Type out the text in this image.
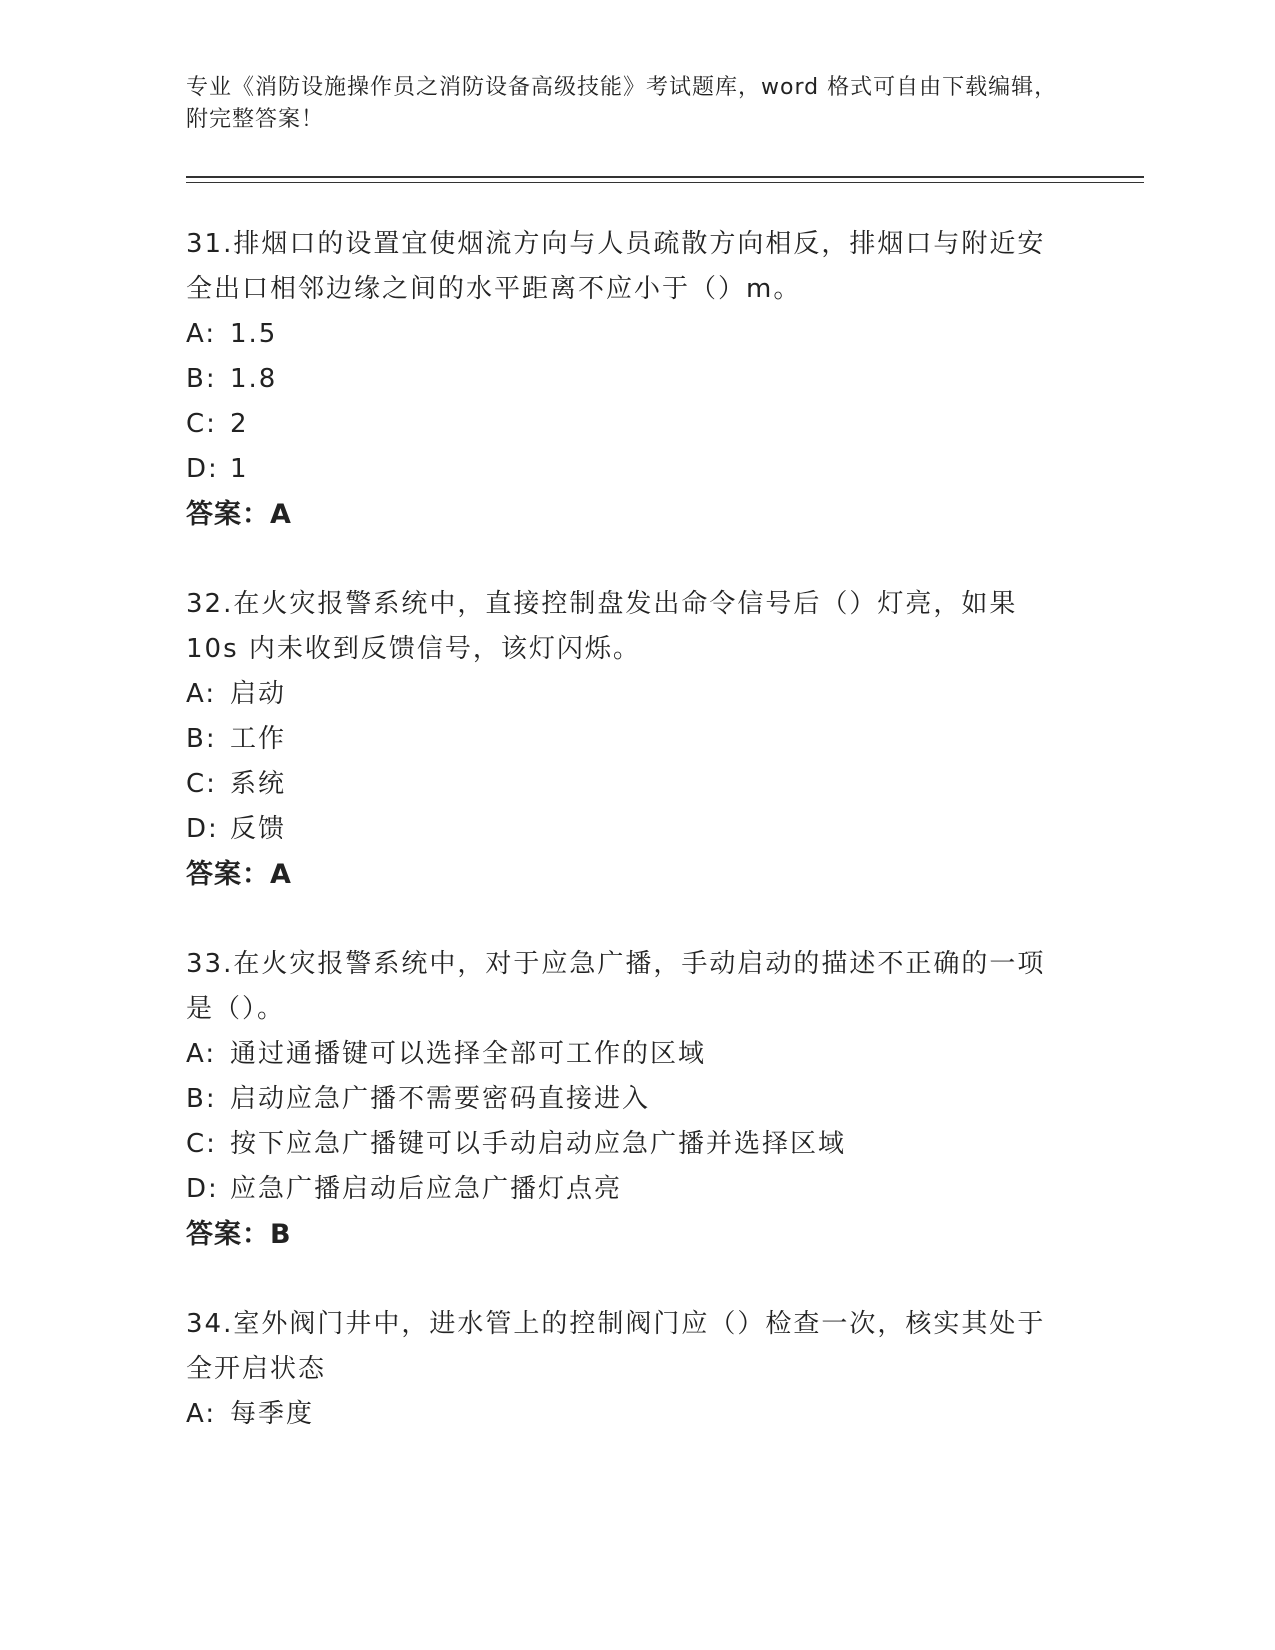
专业《消防设施操作员之消防设备高级技能》考试题库，word 格式可自由下载编辑，附完整答案！

31.排烟口的设置宜使烟流方向与人员疏散方向相反，排烟口与附近安全出口相邻边缘之间的水平距离不应小于（）m。

A: 1.5

B: 1.8

C: 2

D: 1

答案：A

32.在火灾报警系统中，直接控制盘发出命令信号后（）灯亮，如果10s 内未收到反馈信号，该灯闪烁。

A: 启动

B: 工作

C: 系统

D: 反馈

答案：A

33.在火灾报警系统中，对于应急广播，手动启动的描述不正确的一项是（）。

A: 通过通播键可以选择全部可工作的区域

B: 启动应急广播不需要密码直接进入

C: 按下应急广播键可以手动启动应急广播并选择区域

D: 应急广播启动后应急广播灯点亮

答案：B

34.室外阀门井中，进水管上的控制阀门应（）检查一次，核实其处于全开启状态

A: 每季度
